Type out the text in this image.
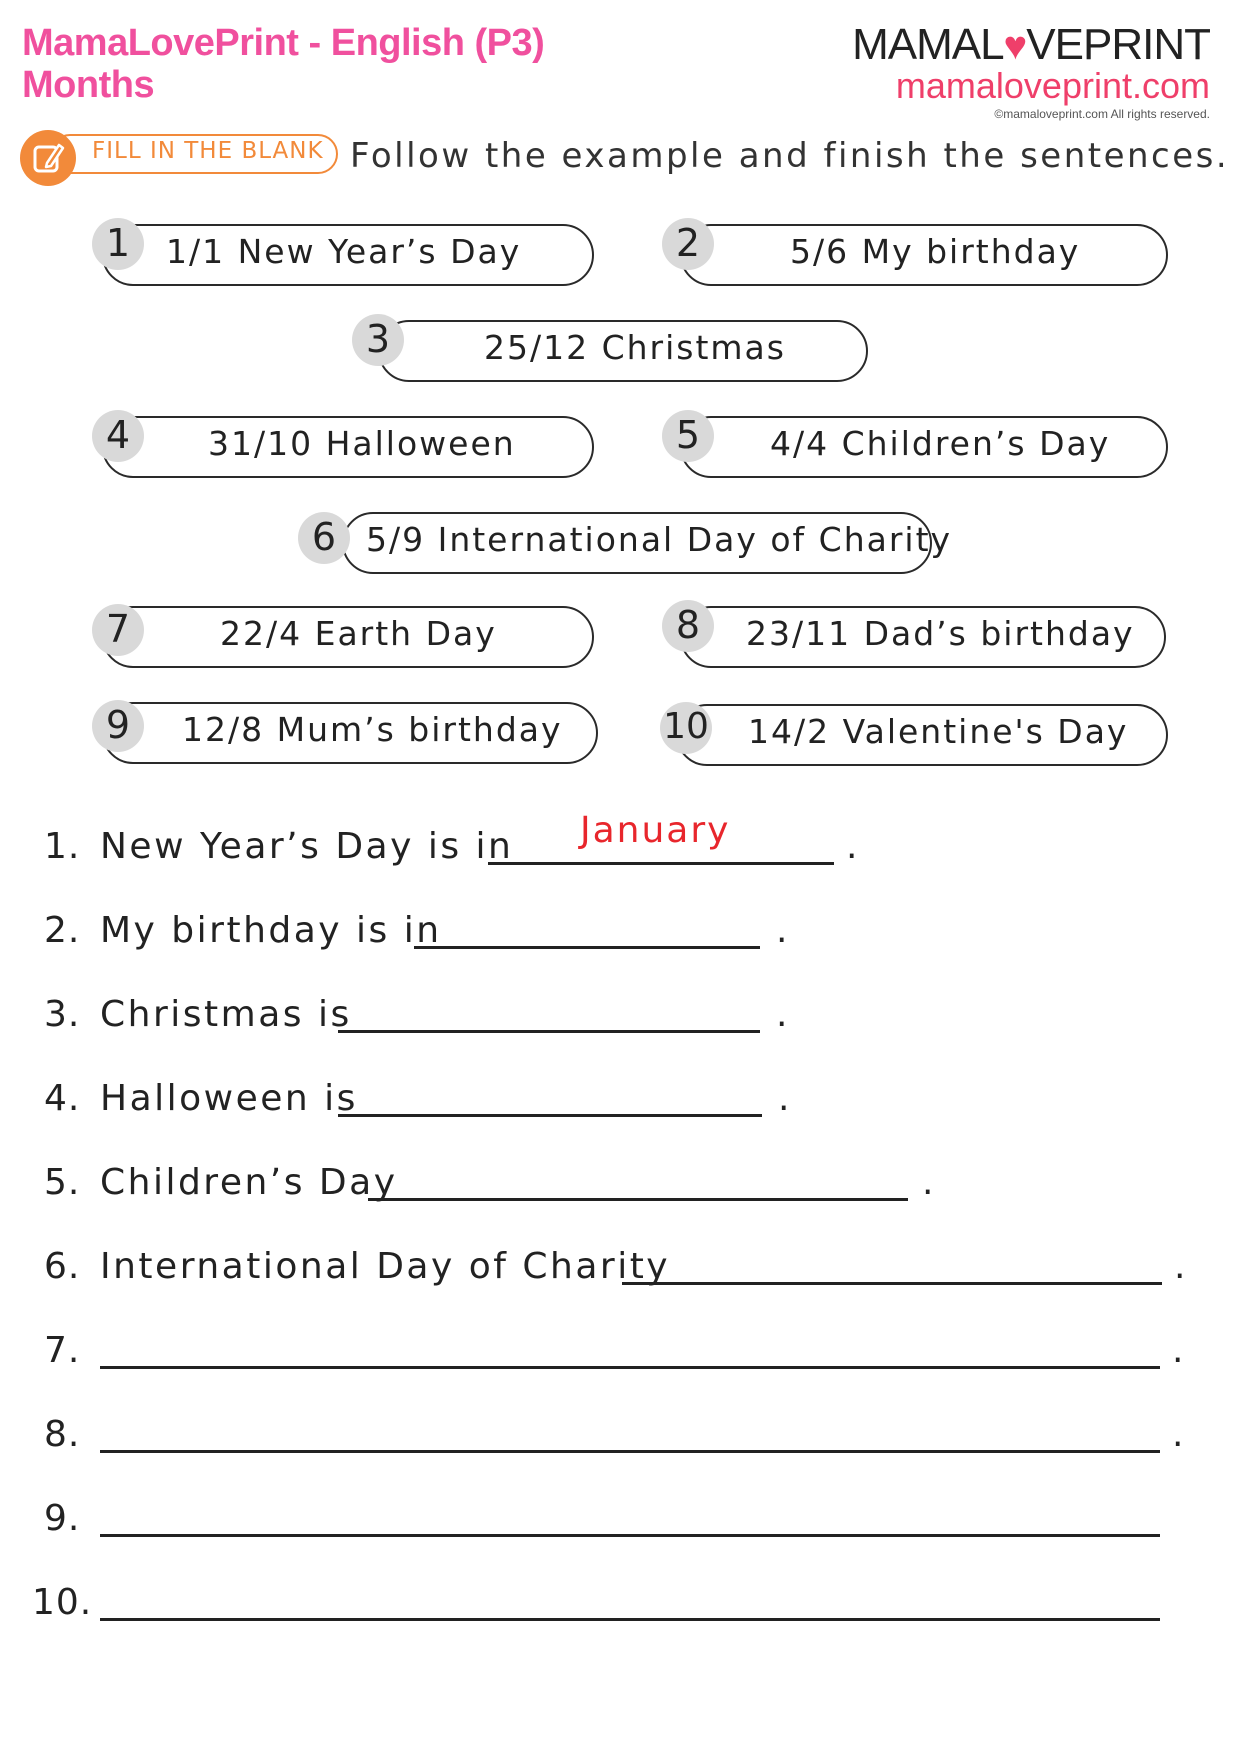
MamaLovePrint - English (P3)
Months
MAMAL♥VEPRINT
mamaloveprint.com
©mamaloveprint.com All rights reserved.
FILL IN THE BLANK Follow the example and finish the sentences.
1	1/1 New Year’s Day	2	5/6 My birthday
3	25/12 Christmas
4	31/10 Halloween	5	4/4 Children’s Day
6 5/9 International Day of Charity
7	22/4 Earth Day	8	23/11 Dad’s birthday
9	12/8 Mum’s birthday	10 14/2 Valentine's Day
1. New Year’s Day is in January	.
2. My birthday is in	.
3. Christmas is	.
4. Halloween is	.
5. Children’s Day	.
6. International Day of Charity	.
7.	.
8.	.
9.
10.
